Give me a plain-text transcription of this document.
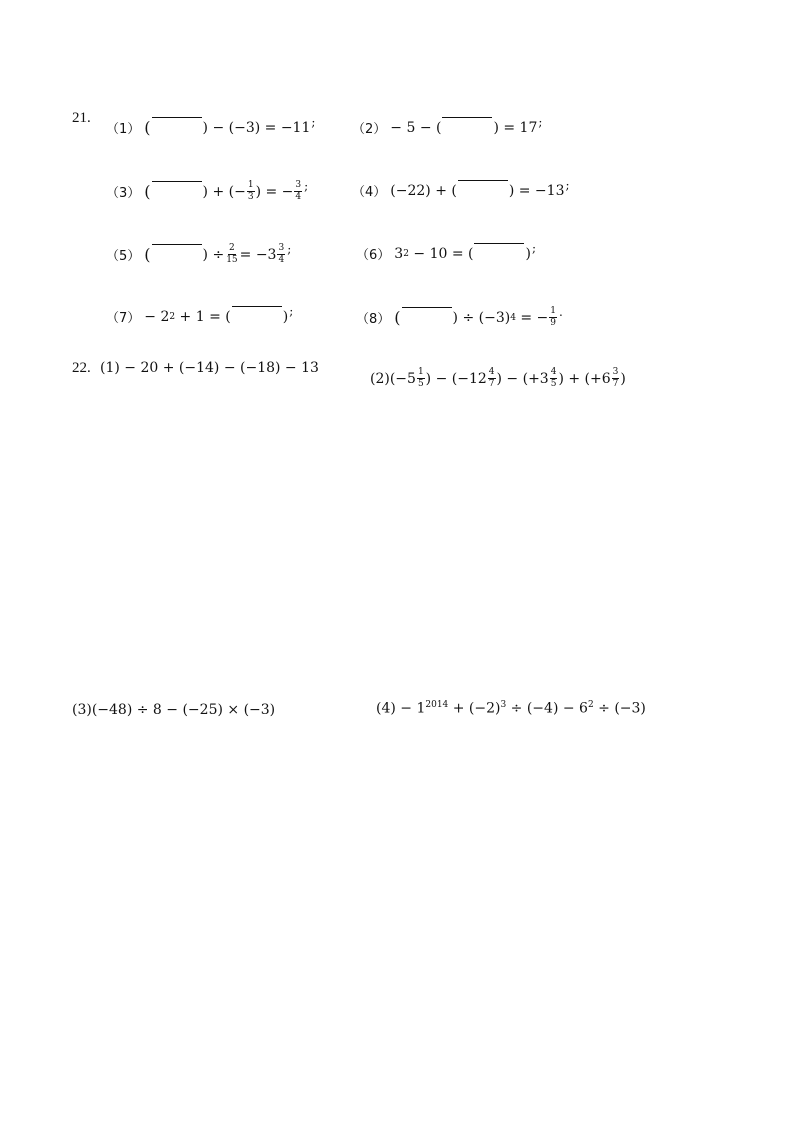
21.
（1） (	) − (−3) = −11 ;
（2） − 5 − (	) = 17 ;
（3） (	) + (− $\frac{1}{3}$ ) = − $\frac{3}{4}$ ;	（4） (−22) + (	) = −13 ;
（5） (	) ÷ $\frac{2}{15} = -3 \frac{3}{4}$ ;	（6） 3 2 − 10 = (	) ;
（7） − 2 2 + 1 = (	) ;
（8） (	) ÷ (−3) 4 = − $\frac{1}{9}$ .
22. (1) − 20 + (−14) − (−18) − 13
$(2)(-5 \frac{1}{5}$ ) − ($-12 \frac{4}{7}$ ) − ($+3 \frac{4}{5}$ ) + ($+6 \frac{3}{7}$ )
(3)(−48) ÷ 8 − (−25) × (−3)	$(4) - 1^{2014} + (-2)^3 \div (-4) - 6^2 \div (-3)$
